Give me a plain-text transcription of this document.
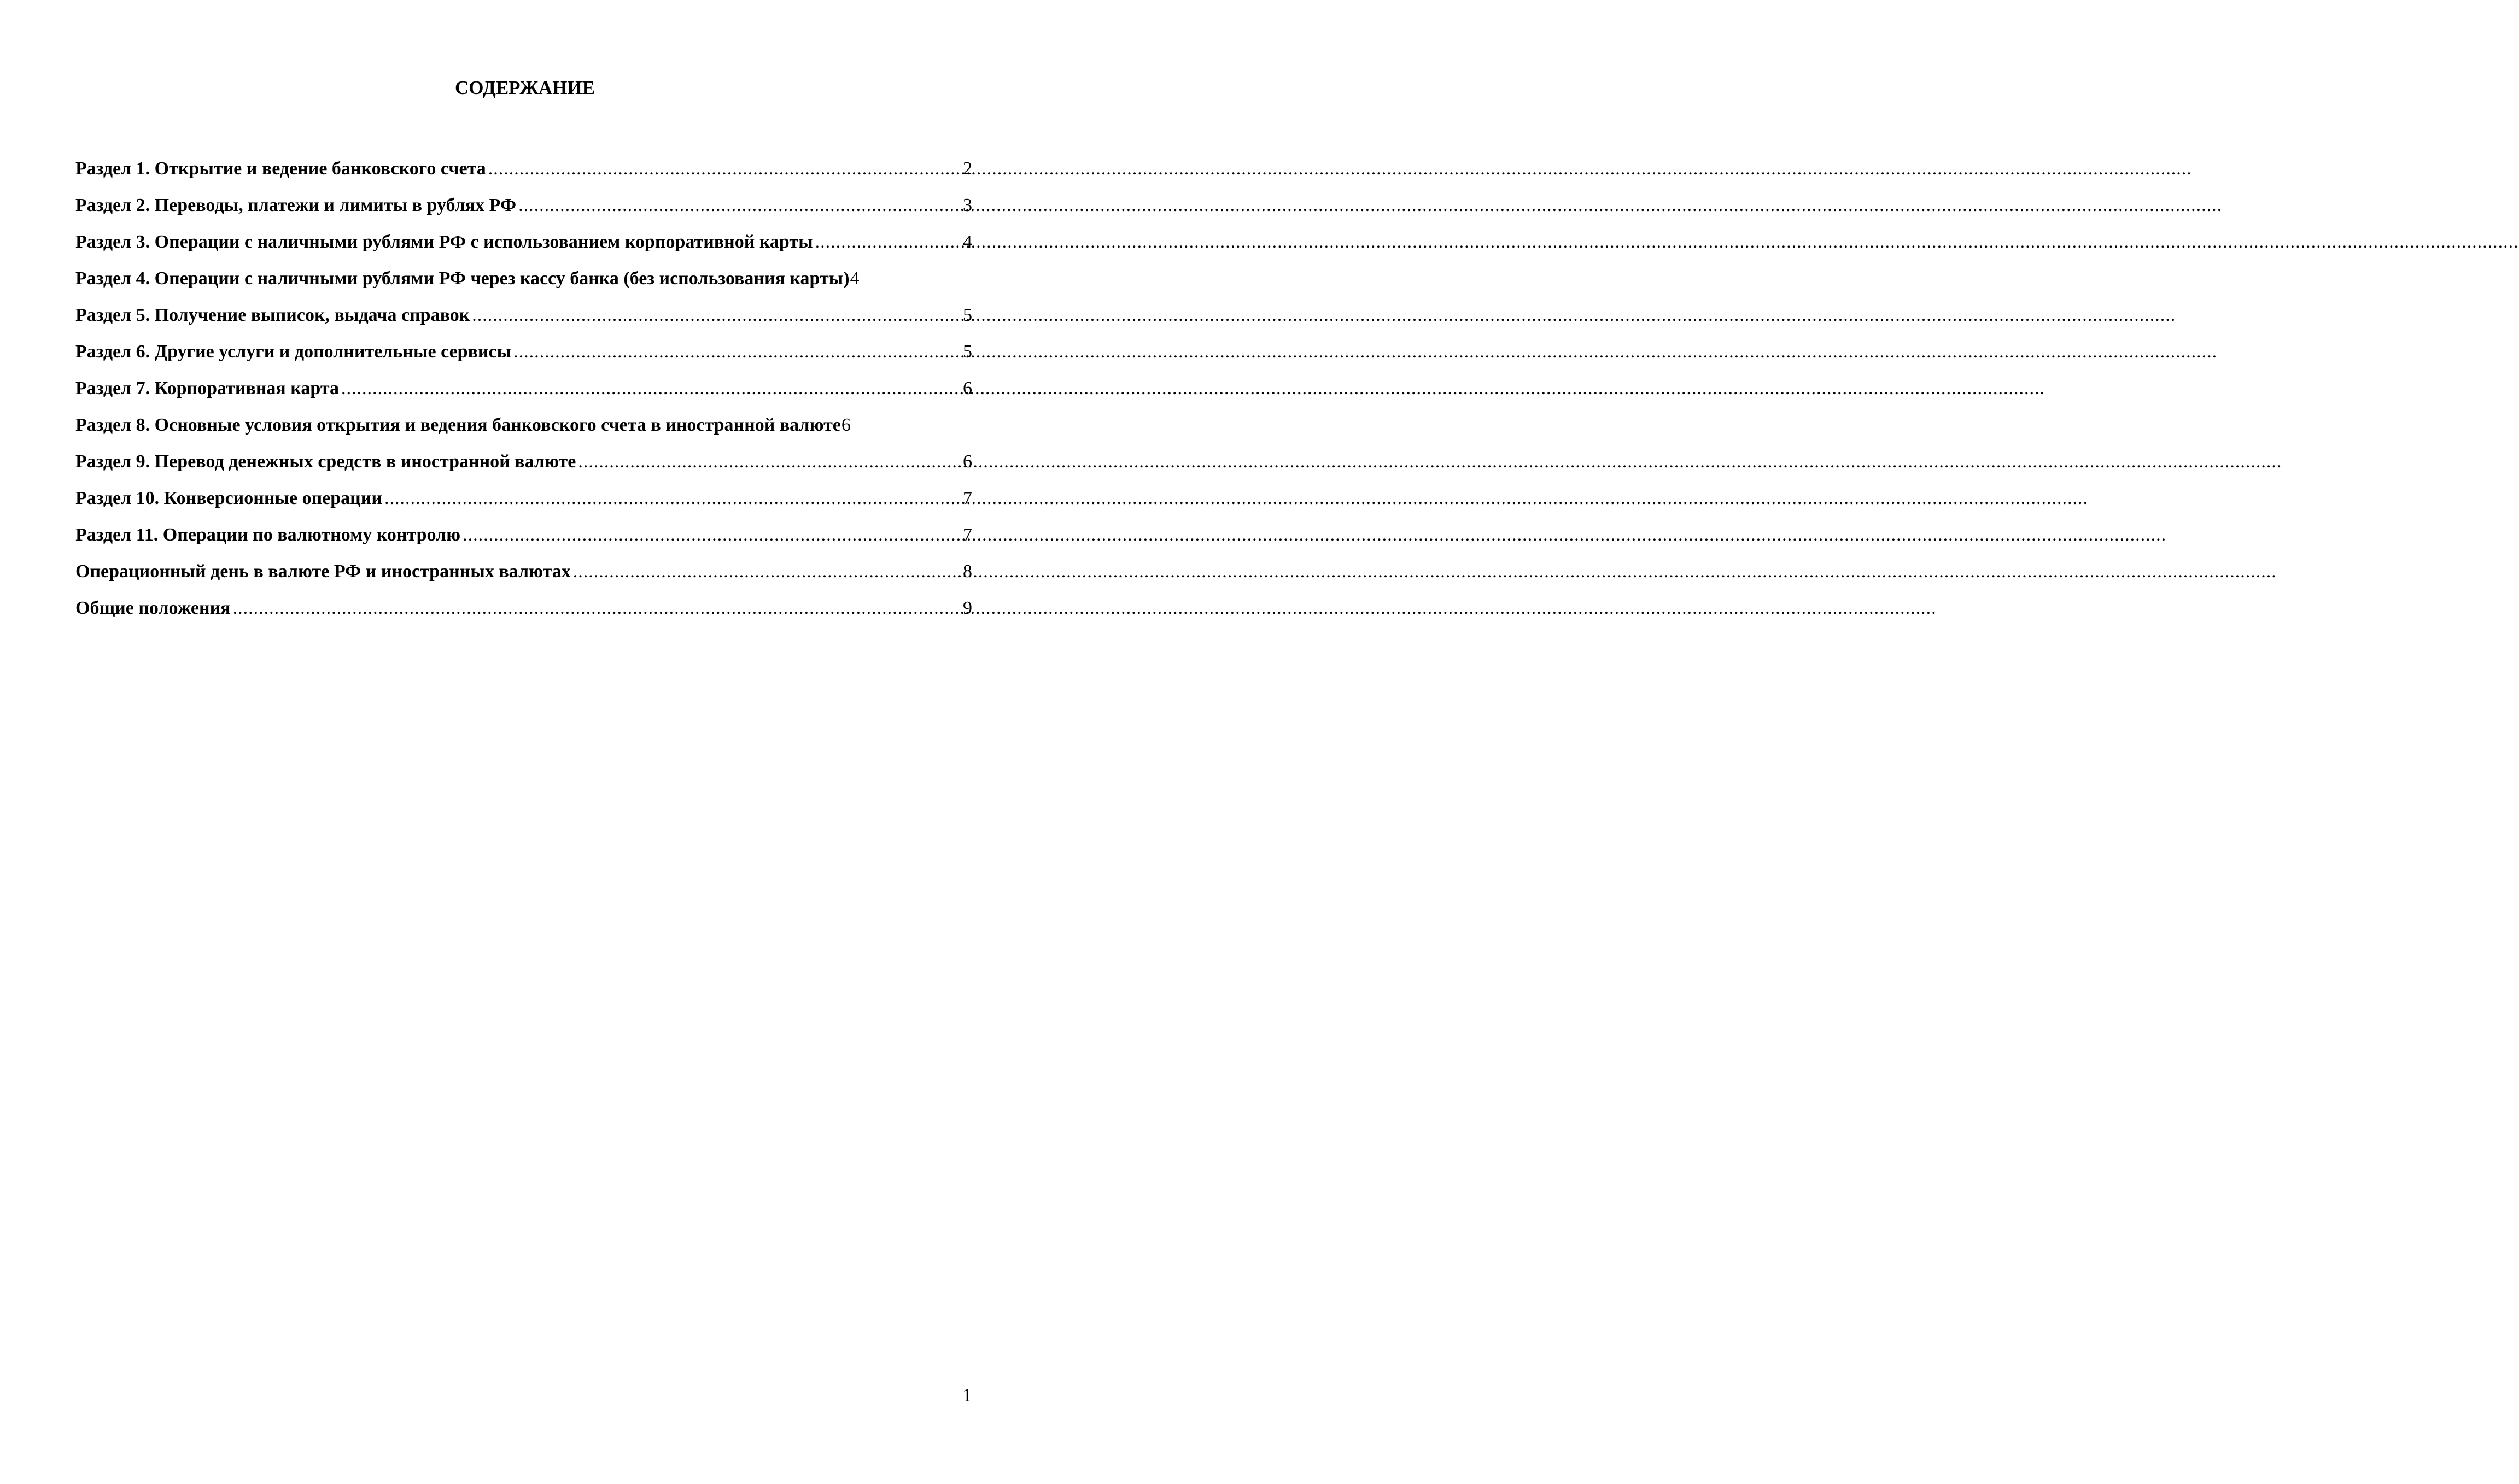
СОДЕРЖАНИЕ
Раздел 1. Открытие и ведение банковского счета .....	2
Раздел 2. Переводы, платежи и лимиты в рублях РФ .....	3
Раздел 3. Операции с наличными рублями РФ с использованием корпоративной карты .....	4
Раздел 4. Операции с наличными рублями РФ через кассу банка (без использования карты) 4
Раздел 5. Получение выписок, выдача справок .....	5
Раздел 6. Другие услуги и дополнительные сервисы .....	5
Раздел 7. Корпоративная карта .....	6
Раздел 8. Основные условия открытия и ведения банковского счета в иностранной валюте 6
Раздел 9. Перевод денежных средств в иностранной валюте .....	6
Раздел 10. Конверсионные операции .....	7
Раздел 11. Операции по валютному контролю .....	7
Операционный день в валюте РФ и иностранных валютах .....	8
Общие положения .....	9
1
